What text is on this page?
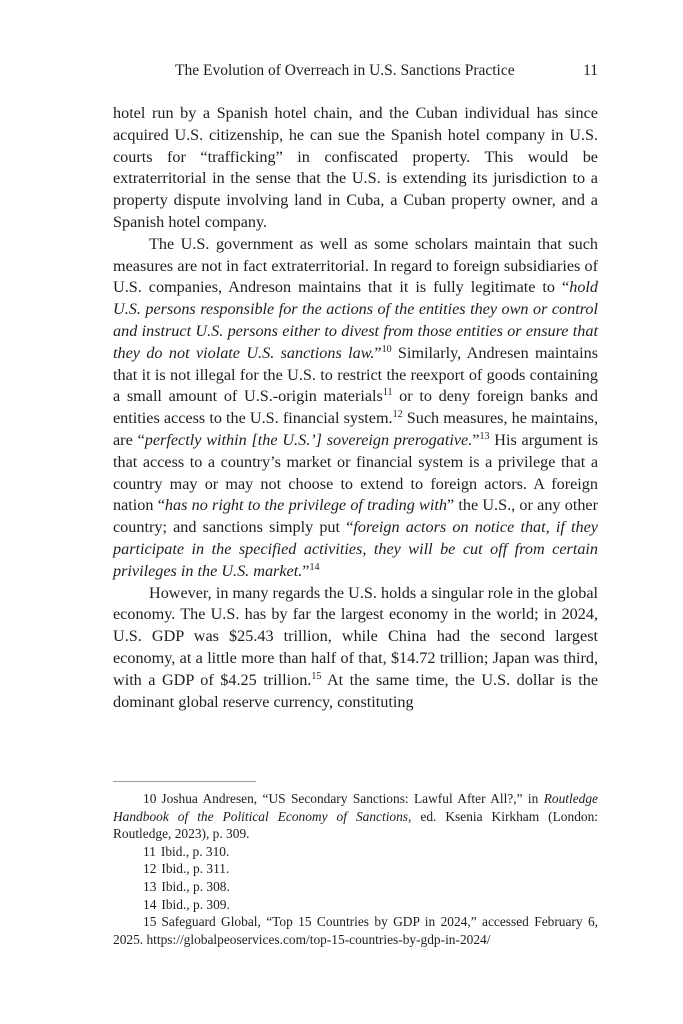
The Evolution of Overreach in U.S. Sanctions Practice	11

hotel run by a Spanish hotel chain, and the Cuban individual has since acquired U.S. citizenship, he can sue the Spanish hotel company in U.S. courts for “trafficking” in confiscated property. This would be extraterritorial in the sense that the U.S. is extending its jurisdiction to a property dispute involving land in Cuba, a Cuban property owner, and a Spanish hotel company.

The U.S. government as well as some scholars maintain that such measures are not in fact extraterritorial. In regard to foreign subsidiaries of U.S. companies, Andreson maintains that it is fully legitimate to “hold U.S. persons responsible for the actions of the entities they own or control and instruct U.S. persons either to divest from those entities or ensure that they do not violate U.S. sanctions law.”$^{10}$ Similarly, Andresen maintains that it is not illegal for the U.S. to restrict the reexport of goods containing a small amount of U.S.-origin materials$^{11}$ or to deny foreign banks and entities access to the U.S. financial system.$^{12}$ Such measures, he maintains, are “perfectly within [the U.S.’] sovereign prerogative.”$^{13}$ His argument is that access to a country’s market or financial system is a privilege that a country may or may not choose to extend to foreign actors. A foreign nation “has no right to the privilege of trading with” the U.S., or any other country; and sanctions simply put “foreign actors on notice that, if they participate in the specified activities, they will be cut off from certain privileges in the U.S. market.”$^{14}$

However, in many regards the U.S. holds a singular role in the global economy. The U.S. has by far the largest economy in the world; in 2024, U.S. GDP was $25.43 trillion, while China had the second largest economy, at a little more than half of that, $14.72 trillion; Japan was third, with a GDP of $4.25 trillion.$^{15}$ At the same time, the U.S. dollar is the dominant global reserve currency, constituting

10 Joshua Andresen, “US Secondary Sanctions: Lawful After All?,” in Routledge Handbook of the Political Economy of Sanctions, ed. Ksenia Kirkham (London: Routledge, 2023), p. 309.

11 Ibid., p. 310.

12 Ibid., p. 311.

13 Ibid., p. 308.

14 Ibid., p. 309.

15 Safeguard Global, “Top 15 Countries by GDP in 2024,” accessed February 6, 2025. https://globalpeoservices.com/top-15-countries-by-gdp-in-2024/
